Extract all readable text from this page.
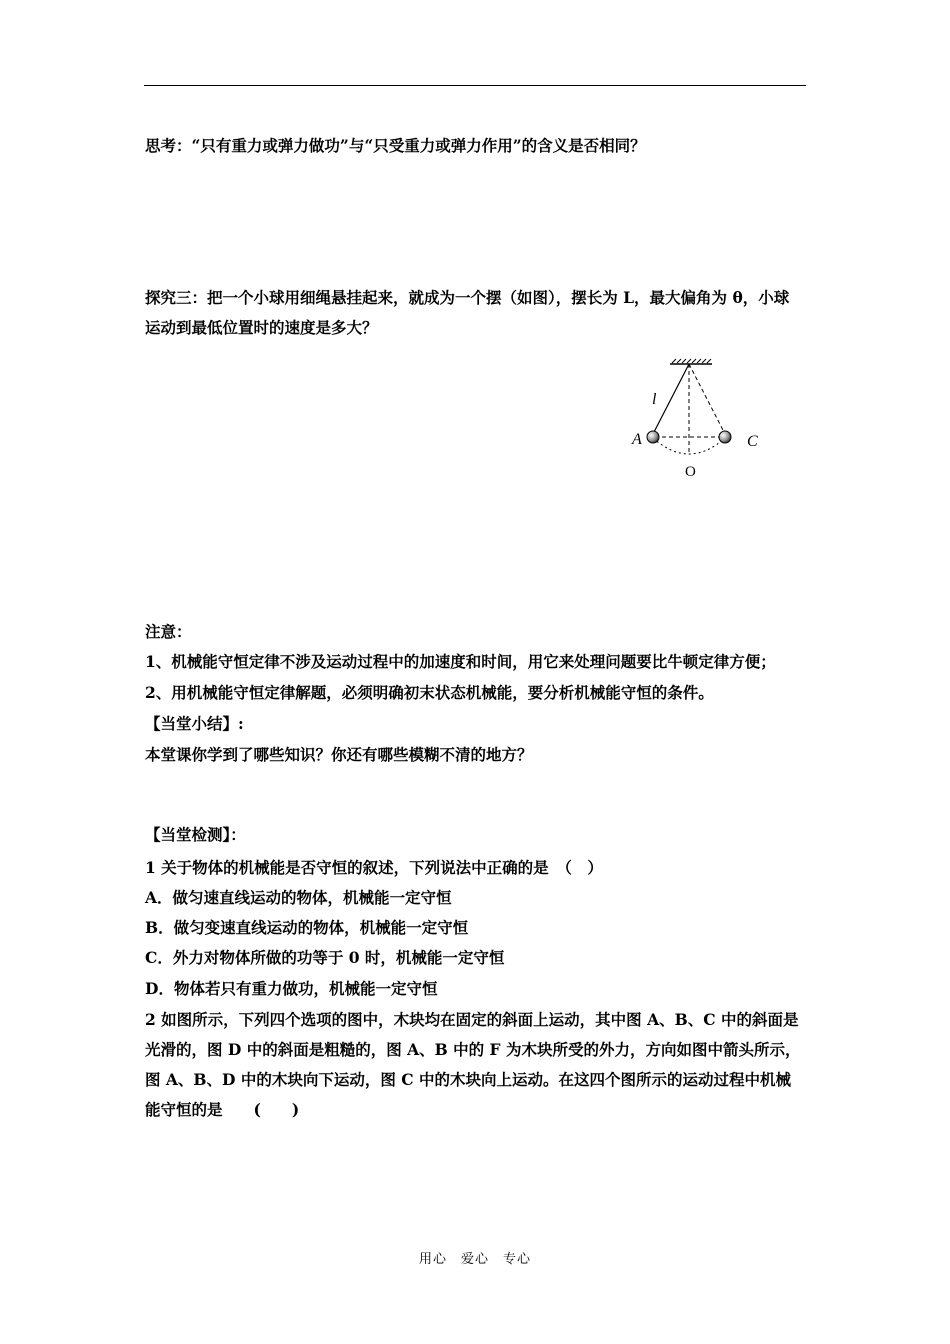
思考：“只有重力或弹力做功”与“只受重力或弹力作用”的含义是否相同？
探究三：把一个小球用细绳悬挂起来，就成为一个摆（如图），摆长为 L，最大偏角为 θ，小球
运动到最低位置时的速度是多大？
l
A	C
O
注意：
1、机械能守恒定律不涉及运动过程中的加速度和时间，用它来处理问题要比牛顿定律方便；
2、用机械能守恒定律解题，必须明确初末状态机械能，要分析机械能守恒的条件。
【当堂小结】:
本堂课你学到了哪些知识？你还有哪些模糊不清的地方？
【当堂检测】：
1 关于物体的机械能是否守恒的叙述，下列说法中正确的是　（　）
A．做匀速直线运动的物体，机械能一定守恒
B．做匀变速直线运动的物体，机械能一定守恒
C．外力对物体所做的功等于 0 时，机械能一定守恒
D．物体若只有重力做功，机械能一定守恒
2 如图所示，下列四个选项的图中，木块均在固定的斜面上运动，其中图 A、B、C 中的斜面是
光滑的，图 D 中的斜面是粗糙的，图 A、B 中的 F 为木块所受的外力，方向如图中箭头所示，
图 A、B、D 中的木块向下运动，图 C 中的木块向上运动。在这四个图所示的运动过程中机械
能守恒的是　　(　　)
用心　爱心　专心
